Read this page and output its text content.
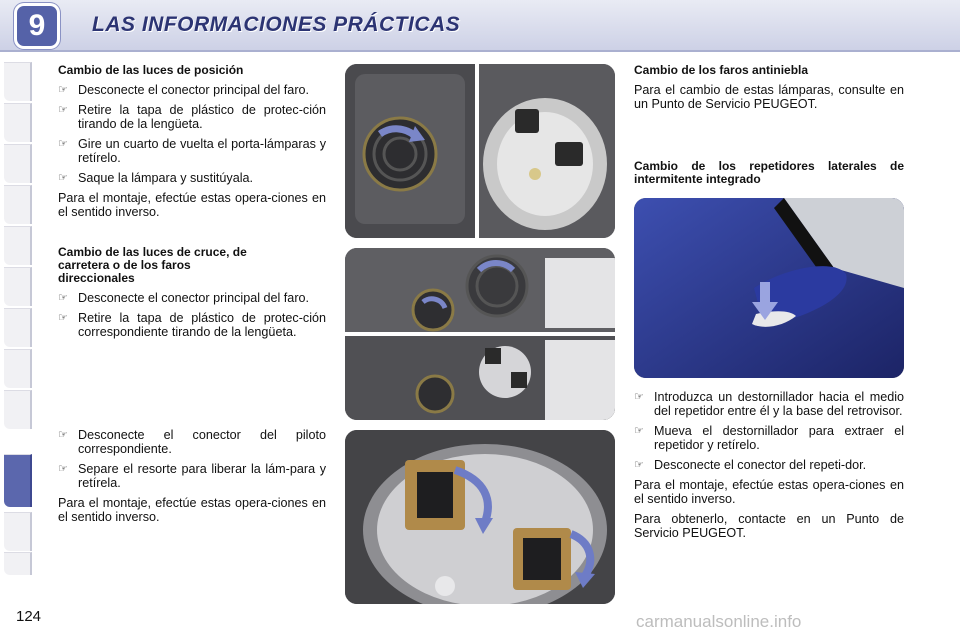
9	LAS INFORMACIONES PRÁCTICAS
Cambio de las luces de posición
☞ Desconecte el conector principal del faro.
☞ Retire la tapa de plástico de protec-ción tirando de la lengüeta.
☞ Gire un cuarto de vuelta el porta-lámparas y retírelo.
☞ Saque la lámpara y sustitúyala.

Para el montaje, efectúe estas opera-ciones en el sentido inverso.

Cambio de las luces de cruce, de carretera o de los faros direccionales
☞ Desconecte el conector principal del faro.
☞ Retire la tapa de plástico de protec-ción correspondiente tirando de la lengüeta.
☞ Desconecte el conector del piloto correspondiente.
☞ Separe el resorte para liberar la lám-para y retírela.

Para el montaje, efectúe estas opera-ciones en el sentido inverso.

Cambio de los faros antiniebla

Para el cambio de estas lámparas, consulte en un Punto de Servicio PEUGEOT.

Cambio de los repetidores laterales de intermitente integrado
☞ Introduzca un destornillador hacia el medio del repetidor entre él y la base del retrovisor.
☞ Mueva el destornillador para extraer el repetidor y retírelo.
☞ Desconecte el conector del repeti-dor.

Para el montaje, efectúe estas opera-ciones en el sentido inverso.

Para obtenerlo, contacte en un Punto de Servicio PEUGEOT.

124	carmanualsonline.info
